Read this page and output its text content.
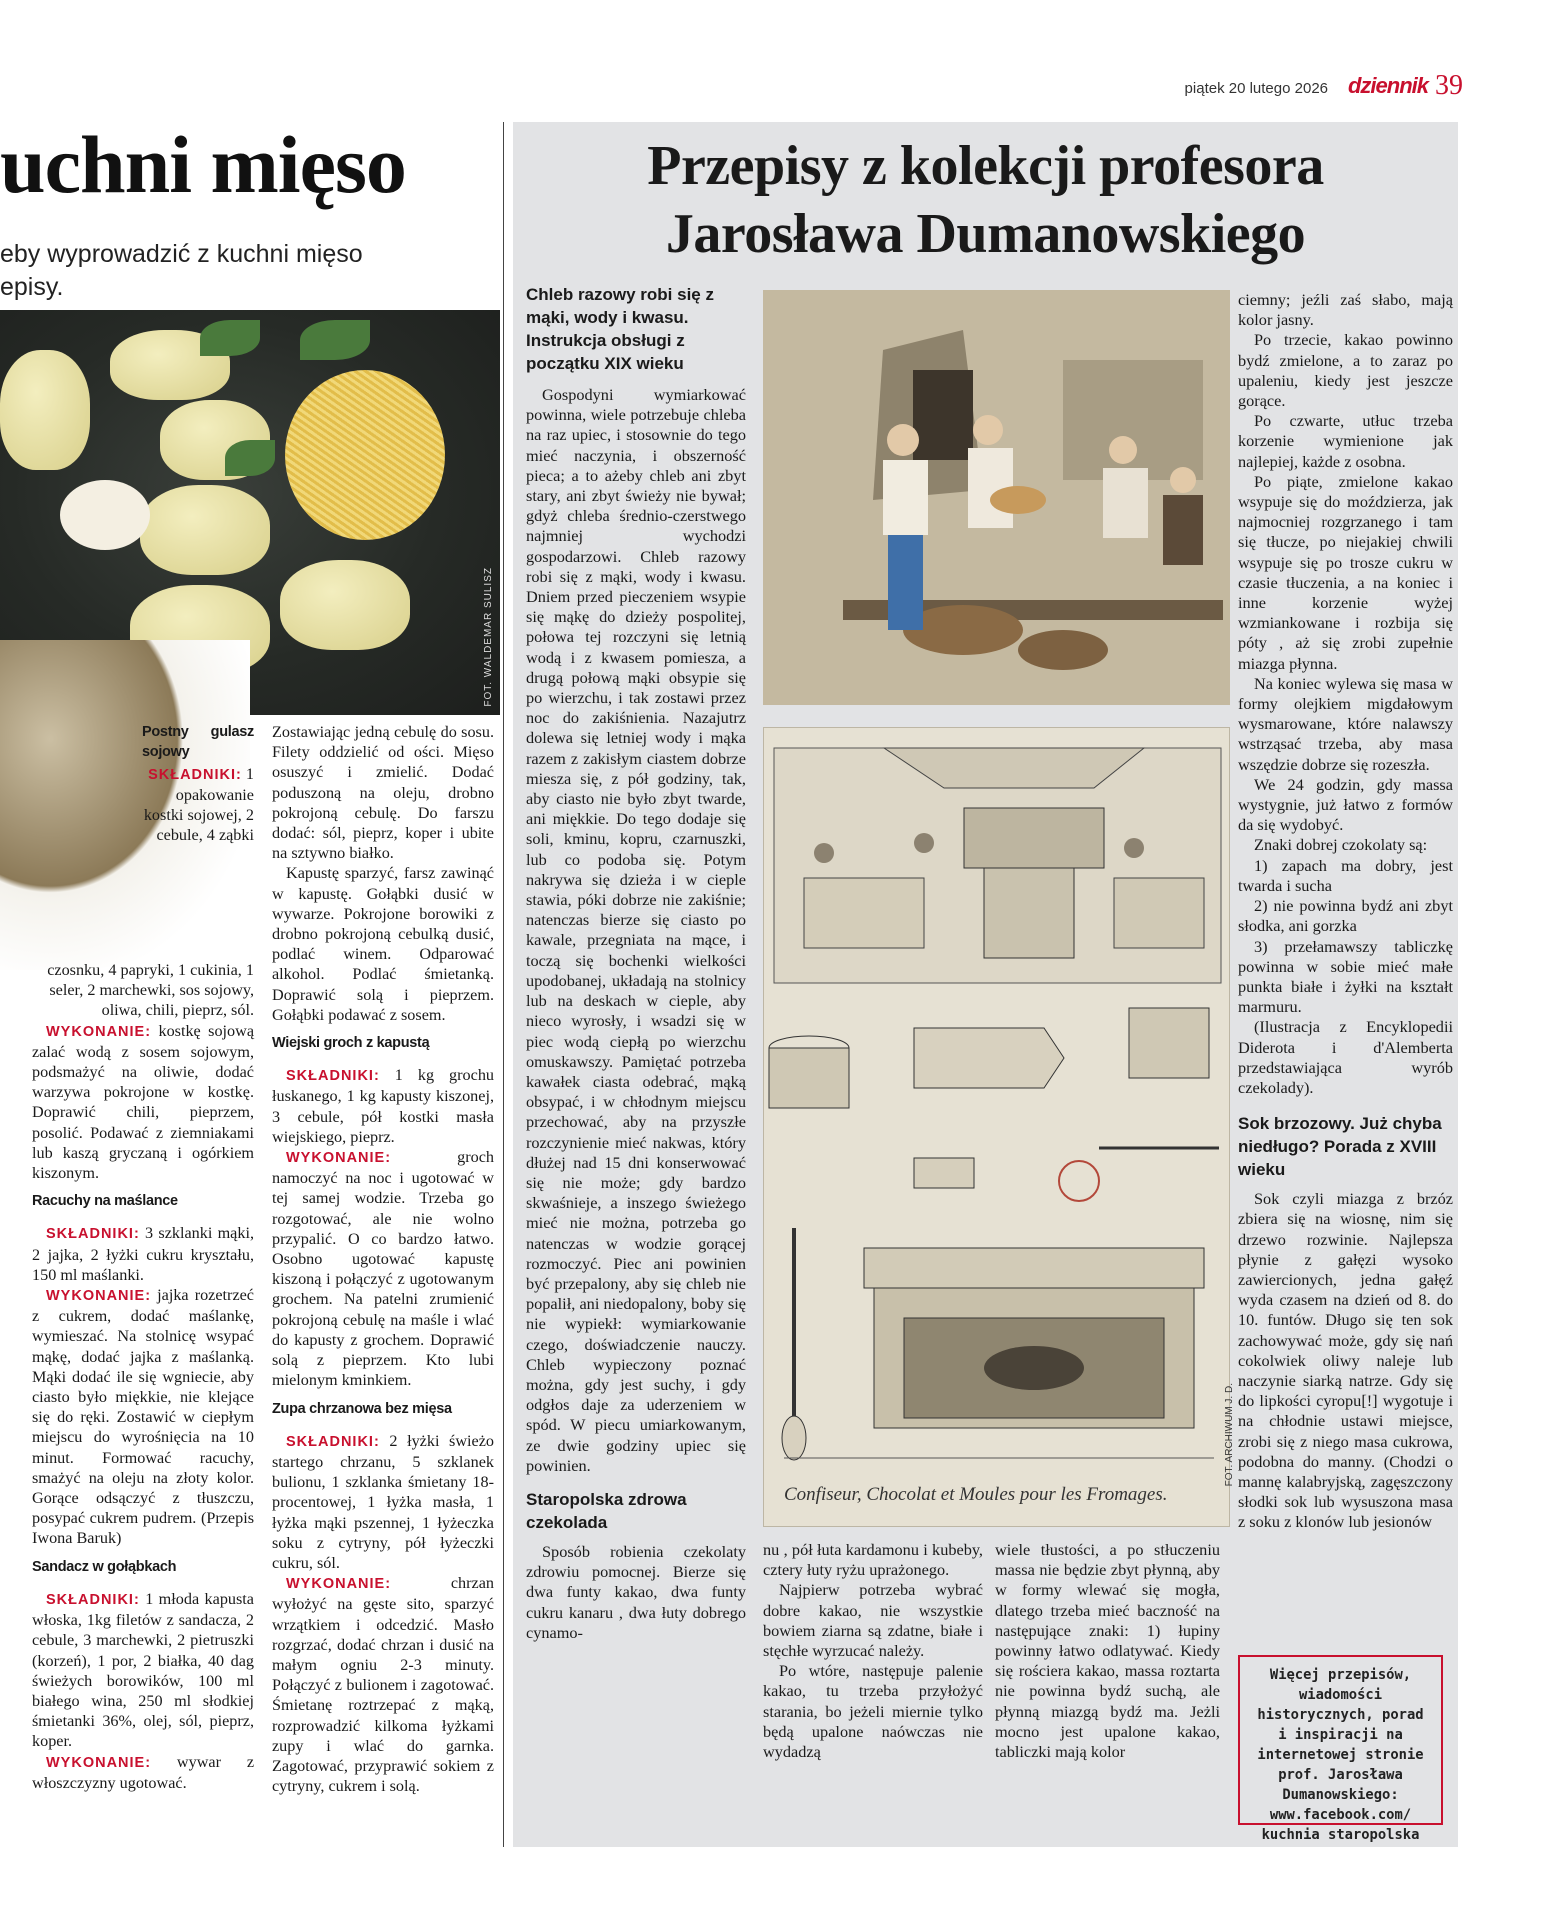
piątek 20 lutego 2026 dziennik 39
uchni mięso
eby wyprowadzić z kuchni mięso
episy.
FOT. WALDEMAR SULISZ
Postny gulasz sojowy
SKŁADNIKI: 1 opakowanie kostki sojowej, 2 cebule, 4 ząbki
czosnku, 4 papryki, 1 cukinia, 1 seler, 2 marchewki, sos sojowy, oliwa, chili, pieprz, sól.

WYKONANIE: kostkę sojową zalać wodą z sosem sojowym, podsmażyć na oliwie, dodać warzywa pokrojone w kostkę. Doprawić chili, pieprzem, posolić. Podawać z ziemniakami lub kaszą gryczaną i ogórkiem kiszonym.

Racuchy na maślance

SKŁADNIKI: 3 szklanki mąki, 2 jajka, 2 łyżki cukru kryształu, 150 ml maślanki.

WYKONANIE: jajka rozetrzeć z cukrem, dodać maślankę, wymieszać. Na stolnicę wsypać mąkę, dodać jajka z maślanką. Mąki dodać ile się wgniecie, aby ciasto było miękkie, nie klejące się do ręki. Zostawić w ciepłym miejscu do wyrośnięcia na 10 minut. Formować racuchy, smażyć na oleju na złoty kolor. Gorące odsączyć z tłuszczu, posypać cukrem pudrem. (Przepis Iwona Baruk)

Sandacz w gołąbkach

SKŁADNIKI: 1 młoda kapusta włoska, 1kg filetów z sandacza, 2 cebule, 3 marchewki, 2 pietruszki (korzeń), 1 por, 2 białka, 40 dag świeżych borowików, 100 ml białego wina, 250 ml słodkiej śmietanki 36%, olej, sól, pieprz, koper.

WYKONANIE: wywar z włoszczyzny ugotować.

Zostawiając jedną cebulę do sosu. Filety oddzielić od ości. Mięso osuszyć i zmielić. Dodać poduszoną na oleju, drobno pokrojoną cebulę. Do farszu dodać: sól, pieprz, koper i ubite na sztywno białko.

Kapustę sparzyć, farsz zawinąć w kapustę. Gołąbki dusić w wywarze. Pokrojone borowiki z drobno pokrojoną cebulką dusić, podlać winem. Odparować alkohol. Podlać śmietanką. Doprawić solą i pieprzem. Gołąbki podawać z sosem.

Wiejski groch z kapustą

SKŁADNIKI: 1 kg grochu łuskanego, 1 kg kapusty kiszonej, 3 cebule, pół kostki masła wiejskiego, pieprz.

WYKONANIE:	groch namoczyć na noc i ugotować w tej samej wodzie. Trzeba go rozgotować, ale nie wolno przypalić. O co bardzo łatwo. Osobno ugotować kapustę kiszoną i połączyć z ugotowanym grochem. Na patelni zrumienić pokrojoną cebulę na maśle i wlać do kapusty z grochem. Doprawić solą z pieprzem. Kto lubi mielonym kminkiem.

Zupa chrzanowa bez mięsa

SKŁADNIKI: 2 łyżki świeżo startego chrzanu, 5 szklanek bulionu, 1 szklanka śmietany 18-procentowej, 1 łyżka masła, 1 łyżka mąki pszennej, 1 łyżeczka soku z cytryny, pół łyżeczki cukru, sól.

WYKONANIE:	chrzan wyłożyć na gęste sito, sparzyć wrzątkiem i odcedzić. Masło rozgrzać, dodać chrzan i dusić na małym ogniu 2-3 minuty. Połączyć z bulionem i zagotować. Śmietanę roztrzepać z mąką, rozprowadzić kilkoma łyżkami zupy i wlać do garnka. Zagotować, przyprawić sokiem z cytryny, cukrem i solą.

Przepisy z kolekcji profesora
Jarosława Dumanowskiego

Chleb razowy robi się z mąki, wody i kwasu. Instrukcja obsługi z początku XIX wieku

Gospodyni wymiarkować powinna, wiele potrzebuje chleba na raz upiec, i stosownie do tego mieć naczynia, i obszerność pieca; a to ażeby chleb ani zbyt stary, ani zbyt świeży nie bywał; gdyż chleba średnio-czerstwego najmniej wychodzi gospodarzowi. Chleb razowy robi się z mąki, wody i kwasu. Dniem przed pieczeniem wsypie się mąkę do dzieży pospolitej, połowa tej rozczyni się letnią wodą i z kwasem pomiesza, a drugą połową mąki obsypie się po wierzchu, i tak zostawi przez noc do zakiśnienia. Nazajutrz dolewa się letniej wody i mąka razem z zakisłym ciastem dobrze miesza się, z pół godziny, tak, aby ciasto nie było zbyt twarde, ani miękkie. Do tego dodaje się soli, kminu, kopru, czarnuszki, lub co podoba się. Potym nakrywa się dzieża i w cieple stawia, póki dobrze nie zakiśnie; natenczas bierze się ciasto po kawale, przegniata na mące, i toczą się bochenki wielkości upodobanej, układają na stolnicy lub na deskach w cieple, aby nieco wyrosły, i wsadzi się w piec wodą ciepłą po wierzchu omuskawszy. Pamiętać potrzeba kawałek ciasta odebrać, mąką obsypać, i w chłodnym miejscu przechować, aby na przyszłe rozczynienie mieć nakwas, który dłużej nad 15 dni konserwować się nie może; gdy bardzo skwaśnieje, a inszego świeżego mieć nie można, potrzeba go natenczas w wodzie gorącej rozmoczyć. Piec ani powinien być przepalony, aby się chleb nie popalił, ani niedopalony, boby się nie wypiekł: wymiarkowanie czego, doświadczenie nauczy. Chleb wypieczony poznać można, gdy jest suchy, i gdy odgłos daje za uderzeniem w spód. W piecu umiarkowanym, ze dwie godziny upiec się powinien.

Staropolska zdrowa czekolada

Sposób robienia czekolaty zdrowiu pomocnej. Bierze się dwa funty kakao, dwa funty cukru kanaru , dwa łuty dobrego cynamo-

Confiseur, Chocolat et Moules pour les Fromages.
FOT. ARCHIWUM J. D.

nu , pół łuta kardamonu i kubeby, cztery łuty ryżu uprażonego.

Najpierw potrzeba wybrać dobre kakao, nie wszystkie bowiem ziarna są zdatne, białe i stęchłe wyrzucać należy.

Po wtóre, następuje palenie kakao, tu trzeba przyłożyć starania, bo jeżeli miernie tylko będą upalone naówczas nie wydadzą

wiele tłustości, a po stłuczeniu massa nie będzie zbyt płynną, aby w formy wlewać się mogła, dlatego trzeba mieć baczność na następujące znaki: 1) łupiny powinny łatwo odlatywać. Kiedy się rościera kakao, massa roztarta nie powinna bydź suchą, ale płynną miazgą bydź ma. Jeżli mocno jest upalone kakao, tabliczki mają kolor

ciemny; jeźli zaś słabo, mają kolor jasny.

Po trzecie, kakao powinno bydź zmielone, a to zaraz po upaleniu, kiedy jest jeszcze gorące.

Po czwarte, utłuc trzeba korzenie wymienione jak najlepiej, każde z osobna.

Po piąte, zmielone kakao wsypuje się do moździerza, jak najmocniej rozgrzanego i tam się tłucze, po niejakiej chwili wsypuje się po trosze cukru w czasie tłuczenia, a na koniec i inne korzenie wyżej wzmiankowane i rozbija się póty , aż się zrobi zupełnie miazga płynna.

Na koniec wylewa się masa w formy olejkiem migdałowym wysmarowane, które nalawszy wstrząsać trzeba, aby masa wszędzie dobrze się rozeszła.

We 24 godzin, gdy massa wystygnie, już łatwo z formów da się wydobyć.

Znaki dobrej czokolaty są:

1) zapach ma dobry, jest twarda i sucha

2) nie powinna bydź ani zbyt słodka, ani gorzka

3) przełamawszy tabliczkę powinna w sobie mieć małe punkta białe i żyłki na kształt marmuru.

(Ilustracja z Encyklopedii Diderota i d'Alemberta przedstawiająca wyrób czekolady).

Sok brzozowy. Już chyba niedługo? Porada z XVIII wieku

Sok czyli miazga z brzóz zbiera się na wiosnę, nim się drzewo rozwinie. Najlepsza płynie z gałęzi wysoko zawiercionych, jedna gałęź wyda czasem na dzień od 8. do 10. funtów. Długo się ten sok zachowywać może, gdy się nań cokolwiek oliwy naleje lub naczynie siarką natrze. Gdy się do lipkości cyropu[!] wygotuje i na chłodnie ustawi miejsce, zrobi się z niego masa cukrowa, podobna do manny. (Chodzi o mannę kalabryjską, zagęszczony słodki sok lub wysuszona masa z soku z klonów lub jesionów

Więcej przepisów, wiadomości historycznych, porad i inspiracji na internetowej stronie prof. Jarosława Dumanowskiego: www.facebook.com/ kuchnia staropolska
